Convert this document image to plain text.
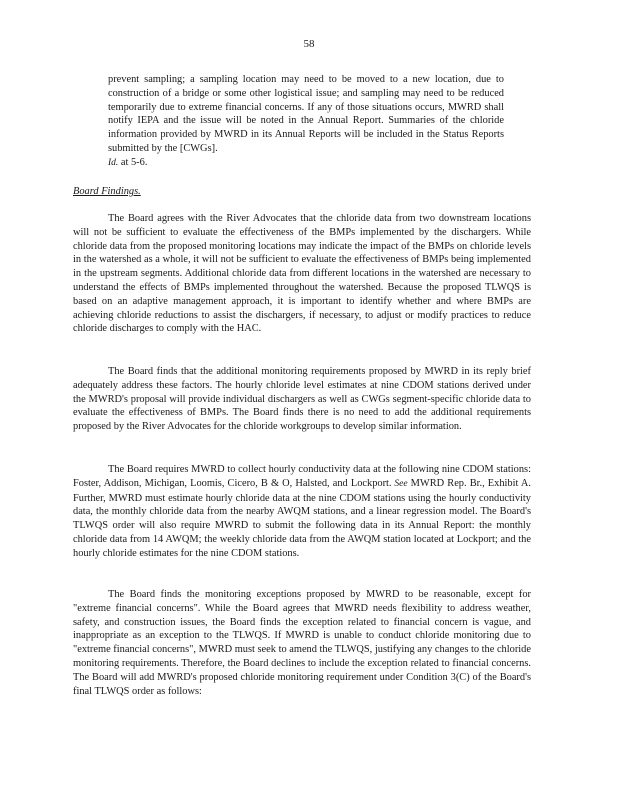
58
prevent sampling; a sampling location may need to be moved to a new location, due to construction of a bridge or some other logistical issue; and sampling may need to be reduced temporarily due to extreme financial concerns. If any of those situations occurs, MWRD shall notify IEPA and the issue will be noted in the Annual Report. Summaries of the chloride information provided by MWRD in its Annual Reports will be included in the Status Reports submitted by the [CWGs].
Id. at 5-6.
Board Findings.
The Board agrees with the River Advocates that the chloride data from two downstream locations will not be sufficient to evaluate the effectiveness of the BMPs implemented by the dischargers. While chloride data from the proposed monitoring locations may indicate the impact of the BMPs on chloride levels in the watershed as a whole, it will not be sufficient to evaluate the effectiveness of BMPs being implemented in the upstream segments. Additional chloride data from different locations in the watershed are necessary to understand the effects of BMPs implemented throughout the watershed. Because the proposed TLWQS is based on an adaptive management approach, it is important to identify whether and where BMPs are achieving chloride reductions to assist the dischargers, if necessary, to adjust or modify practices to reduce chloride discharges to comply with the HAC.
The Board finds that the additional monitoring requirements proposed by MWRD in its reply brief adequately address these factors. The hourly chloride level estimates at nine CDOM stations derived under the MWRD's proposal will provide individual dischargers as well as CWGs segment-specific chloride data to evaluate the effectiveness of BMPs. The Board finds there is no need to add the additional requirements proposed by the River Advocates for the chloride workgroups to develop similar information.
The Board requires MWRD to collect hourly conductivity data at the following nine CDOM stations: Foster, Addison, Michigan, Loomis, Cicero, B & O, Halsted, and Lockport. See MWRD Rep. Br., Exhibit A. Further, MWRD must estimate hourly chloride data at the nine CDOM stations using the hourly conductivity data, the monthly chloride data from the nearby AWQM stations, and a linear regression model. The Board's TLWQS order will also require MWRD to submit the following data in its Annual Report: the monthly chloride data from 14 AWQM; the weekly chloride data from the AWQM station located at Lockport; and the hourly chloride estimates for the nine CDOM stations.
The Board finds the monitoring exceptions proposed by MWRD to be reasonable, except for "extreme financial concerns". While the Board agrees that MWRD needs flexibility to address weather, safety, and construction issues, the Board finds the exception related to financial concern is vague, and inappropriate as an exception to the TLWQS. If MWRD is unable to conduct chloride monitoring due to "extreme financial concerns", MWRD must seek to amend the TLWQS, justifying any changes to the chloride monitoring requirements. Therefore, the Board declines to include the exception related to financial concerns. The Board will add MWRD's proposed chloride monitoring requirement under Condition 3(C) of the Board's final TLWQS order as follows:
